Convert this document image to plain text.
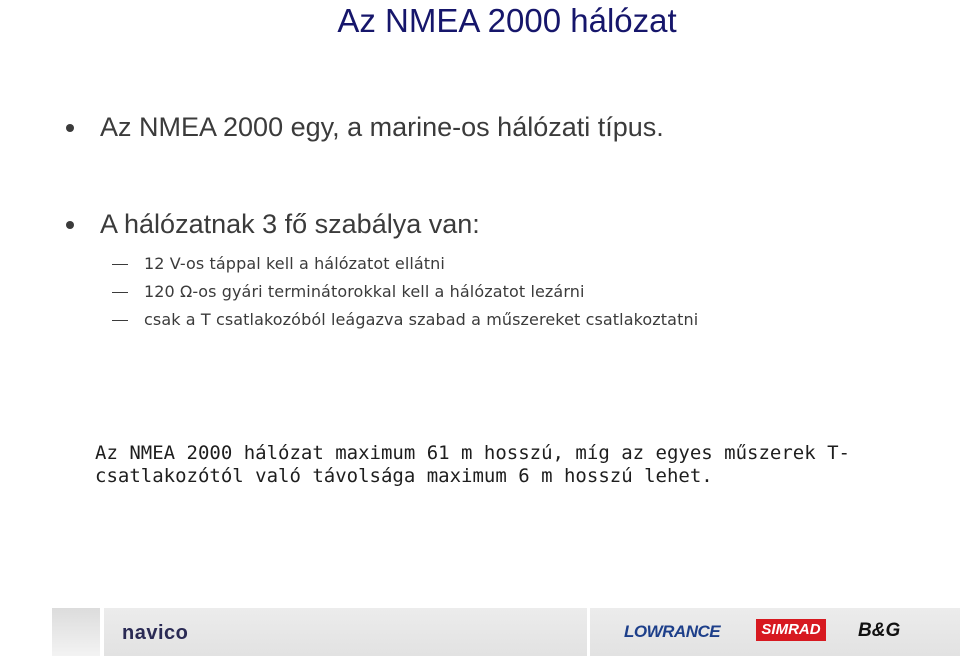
Az NMEA 2000 hálózat
Az NMEA 2000 egy, a marine-os hálózati típus.
A hálózatnak 3 fő szabálya van:
12 V-os táppal kell a hálózatot ellátni
120 Ω-os gyári terminátorokkal kell a hálózatot lezárni
csak a T csatlakozóból leágazva szabad a műszereket csatlakoztatni
Az NMEA 2000 hálózat maximum 61 m hosszú, míg az egyes műszerek T-
csatlakozótól való távolsága maximum 6 m hosszú lehet.
navico	LOWRANCE	SIMRAD B&G
